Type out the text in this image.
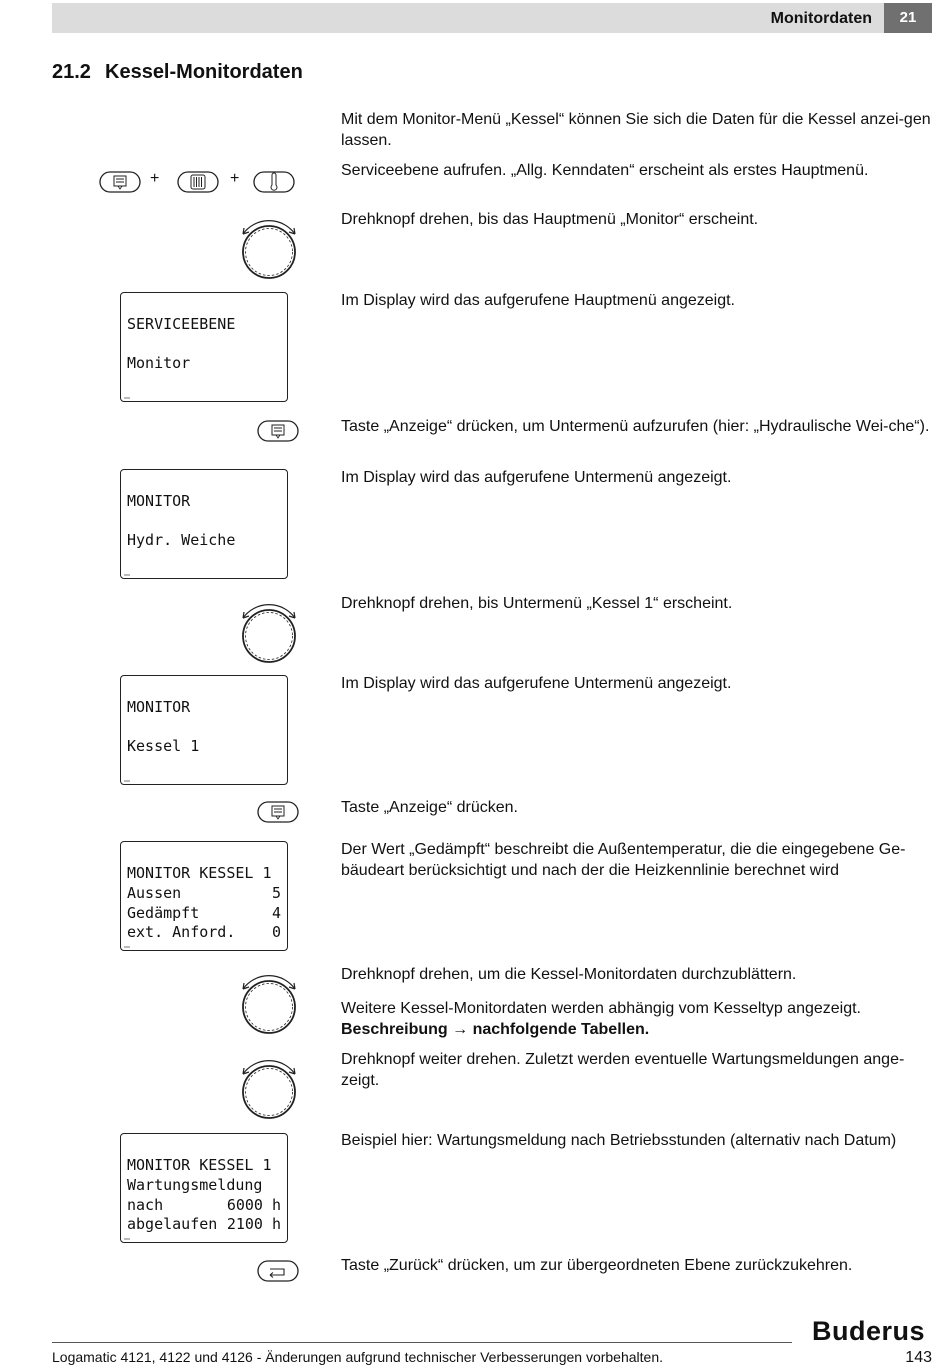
Monitordaten	21
21.2 Kessel-Monitordaten
Mit dem Monitor-Menü „Kessel“ können Sie sich die Daten für die Kessel anzei-gen lassen.
Serviceebene aufrufen. „Allg. Kenndaten“ erscheint als erstes Hauptmenü.
Drehknopf drehen, bis das Hauptmenü „Monitor“ erscheint.
Im Display wird das aufgerufene Hauptmenü angezeigt.
Taste „Anzeige“ drücken, um Untermenü aufzurufen (hier: „Hydraulische Wei-che“).
Im Display wird das aufgerufene Untermenü angezeigt.
Drehknopf drehen, bis Untermenü „Kessel 1“ erscheint.
Im Display wird das aufgerufene Untermenü angezeigt.
Taste „Anzeige“ drücken.
Der Wert „Gedämpft“ beschreibt die Außentemperatur, die die eingegebene Ge-bäudeart berücksichtigt und nach der die Heizkennlinie berechnet wird
Drehknopf drehen, um die Kessel-Monitordaten durchzublättern.
Weitere Kessel-Monitordaten werden abhängig vom Kesseltyp angezeigt.
Beschreibung → nachfolgende Tabellen.
Drehknopf weiter drehen. Zuletzt werden eventuelle Wartungsmeldungen ange-zeigt.
Beispiel hier: Wartungsmeldung nach Betriebsstunden (alternativ nach Datum)
Taste „Zurück“ drücken, um zur übergeordneten Ebene zurückzukehren.
+	+
SERVICEEBENE
Monitor
MONITOR
Hydr. Weiche
MONITOR
Kessel 1
MONITOR KESSEL 1
Aussen	5
Gedämpft	4
ext. Anford. 0
MONITOR KESSEL 1
Wartungsmeldung
nach	6000 h
abgelaufen 2100 h
Buderus
Logamatic 4121, 4122 und 4126 - Änderungen aufgrund technischer Verbesserungen vorbehalten.	143
